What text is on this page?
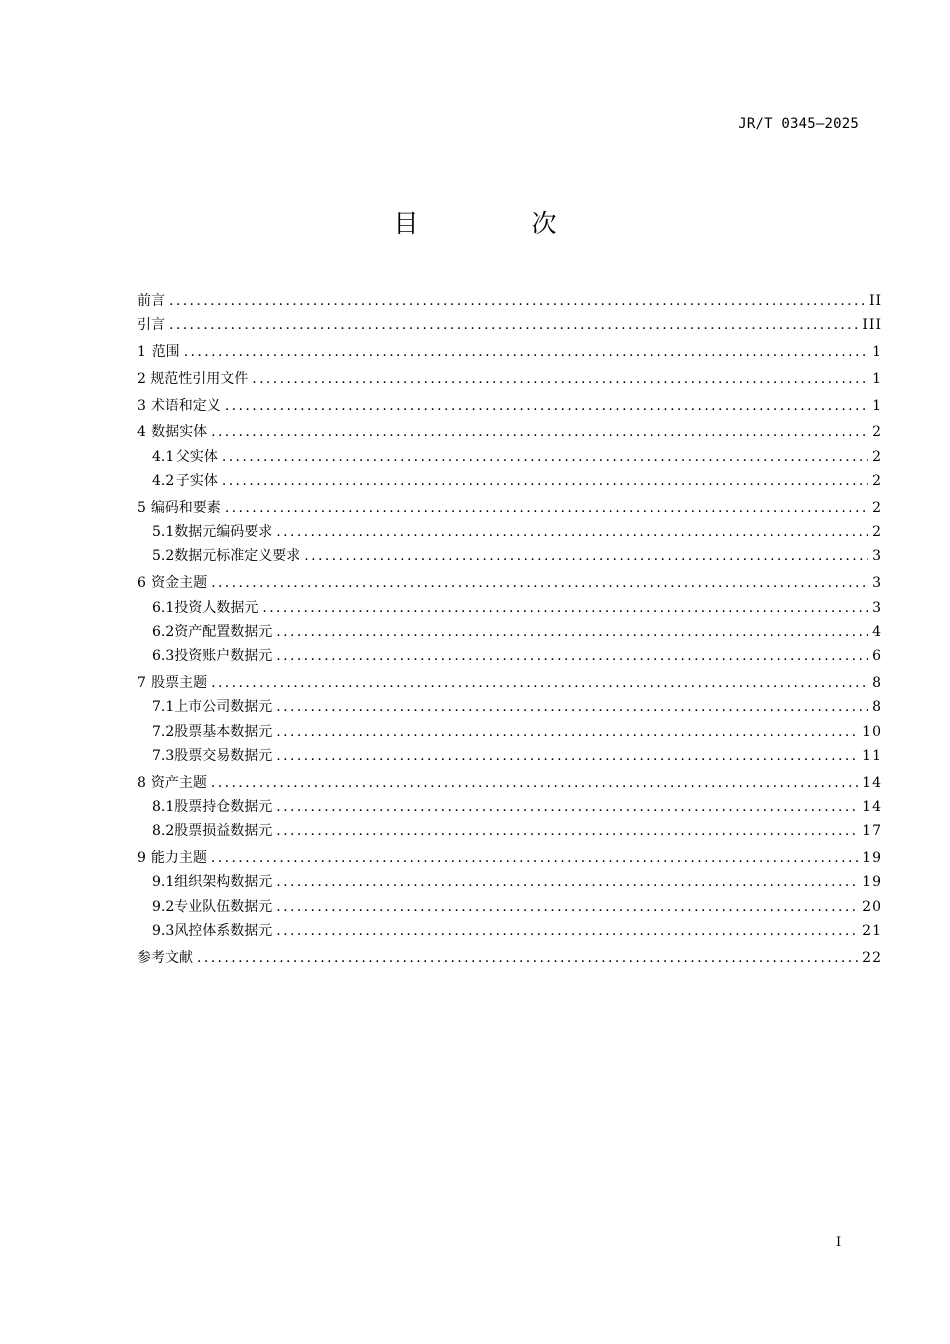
JR/T 0345—2025
目　次
前言 .....	II
引言 .....	III
1 范围 .....	1
2 规范性引用文件 .....	1
3 术语和定义 .....	1
4 数据实体 .....	2
4.1 父实体 .....	2
4.2 子实体 .....	2
5 编码和要素 .....	2
5.1 数据元编码要求 .....	2
5.2 数据元标准定义要求 .....	3
6 资金主题 .....	3
6.1 投资人数据元 .....	3
6.2 资产配置数据元 .....	4
6.3 投资账户数据元 .....	6
7 股票主题 .....	8
7.1 上市公司数据元 .....	8
7.2 股票基本数据元 .....	10
7.3 股票交易数据元 .....	11
8 资产主题 .....	14
8.1 股票持仓数据元 .....	14
8.2 股票损益数据元 .....	17
9 能力主题 .....	19
9.1 组织架构数据元 .....	19
9.2 专业队伍数据元 .....	20
9.3 风控体系数据元 .....	21
参考文献 .....	22
I
